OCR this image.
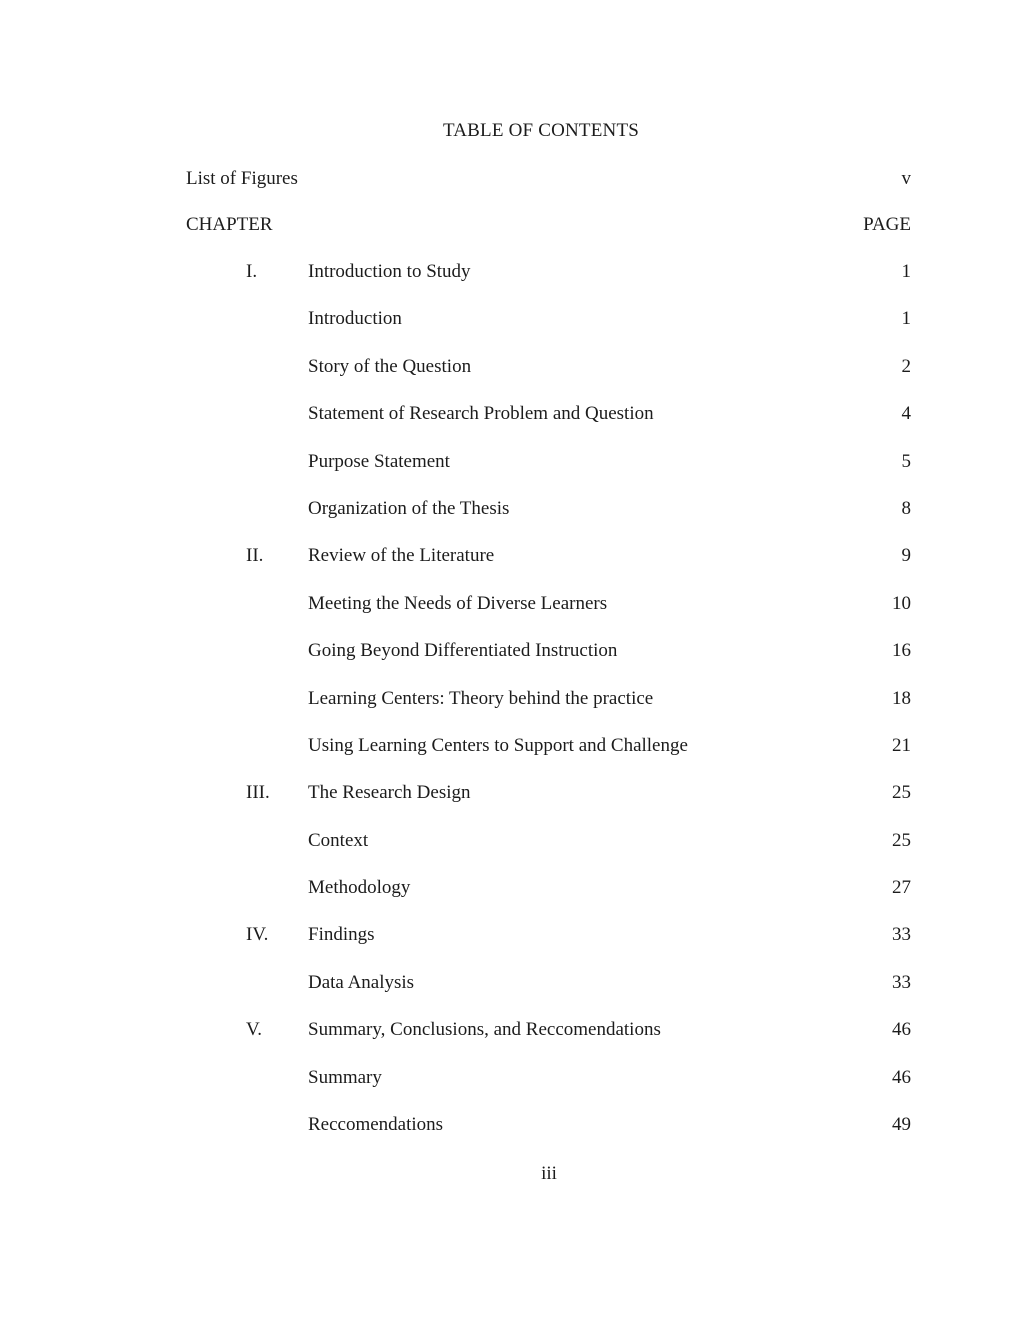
TABLE OF CONTENTS
List of Figures	v
CHAPTER	PAGE
I.	Introduction to Study	1
Introduction	1
Story of the Question	2
Statement of Research Problem and Question	4
Purpose Statement	5
Organization of the Thesis	8
II. Review of the Literature	9
Meeting the Needs of Diverse Learners	10
Going Beyond Differentiated Instruction	16
Learning Centers: Theory behind the practice	18
Using Learning Centers to Support and Challenge	21
III. The Research Design	25
Context	25
Methodology	27
IV. Findings	33
Data Analysis	33
V. Summary, Conclusions, and Reccomendations	46
Summary	46
Reccomendations	49
iii
